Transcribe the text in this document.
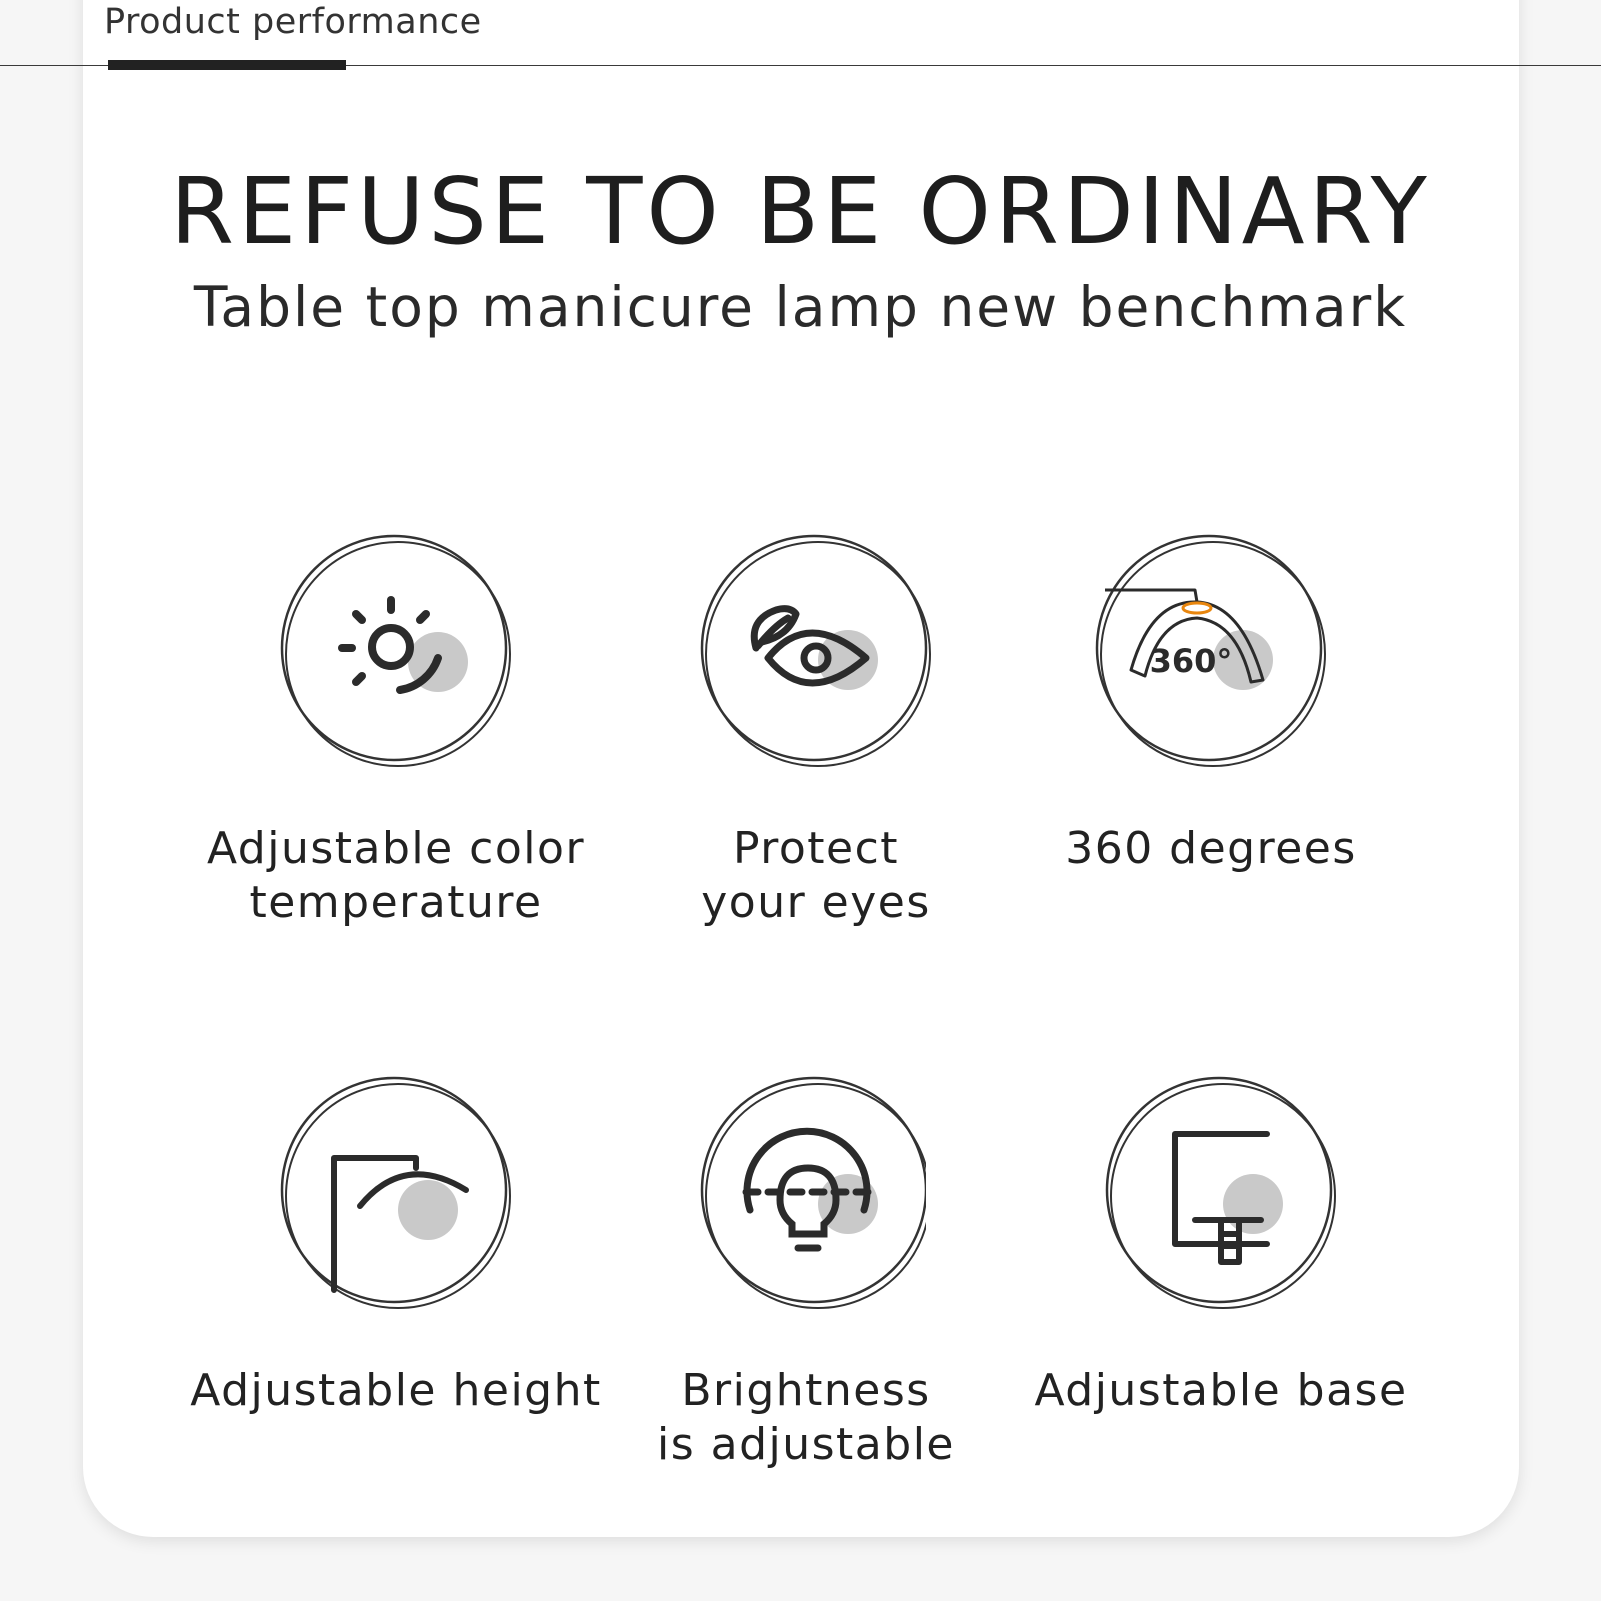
Product performance
REFUSE TO BE ORDINARY
Table top manicure lamp new benchmark
Adjustable color
temperature
Protect
your eyes
360°
360 degrees
Adjustable height	Brightness
is adjustable
Adjustable base
